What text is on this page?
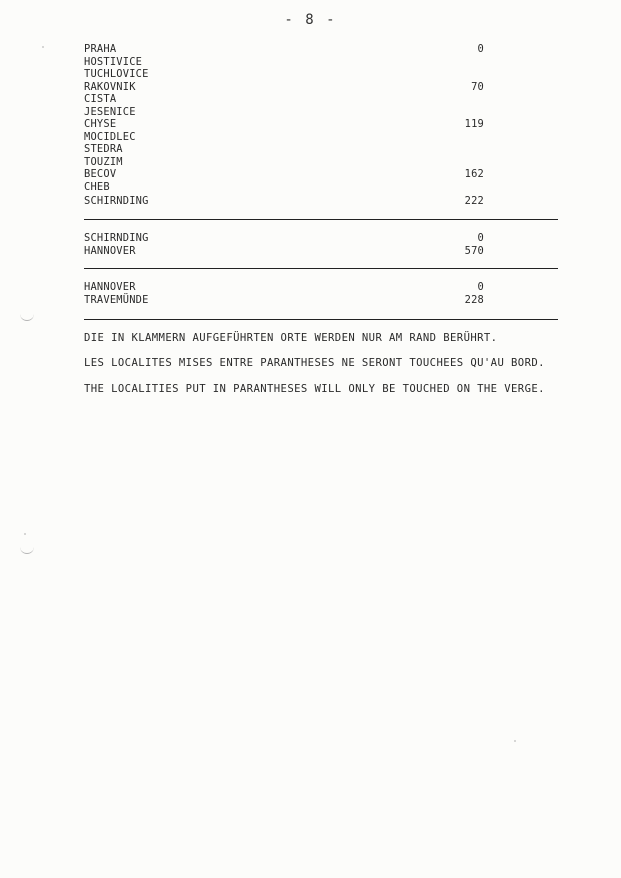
- 8 -
PRAHA	0
HOSTIVICE
TUCHLOVICE
RAKOVNIK	70
CISTA
JESENICE
CHYSE	119
MOCIDLEC
STEDRA
TOUZIM
BECOV	162
CHEB
SCHIRNDING	222
SCHIRNDING	0
HANNOVER	570
HANNOVER	0
TRAVEMÜNDE	228
DIE IN KLAMMERN AUFGEFÜHRTEN ORTE WERDEN NUR AM RAND BERÜHRT.
LES LOCALITES MISES ENTRE PARANTHESES NE SERONT TOUCHEES QU'AU BORD.
THE LOCALITIES PUT IN PARANTHESES WILL ONLY BE TOUCHED ON THE VERGE.
